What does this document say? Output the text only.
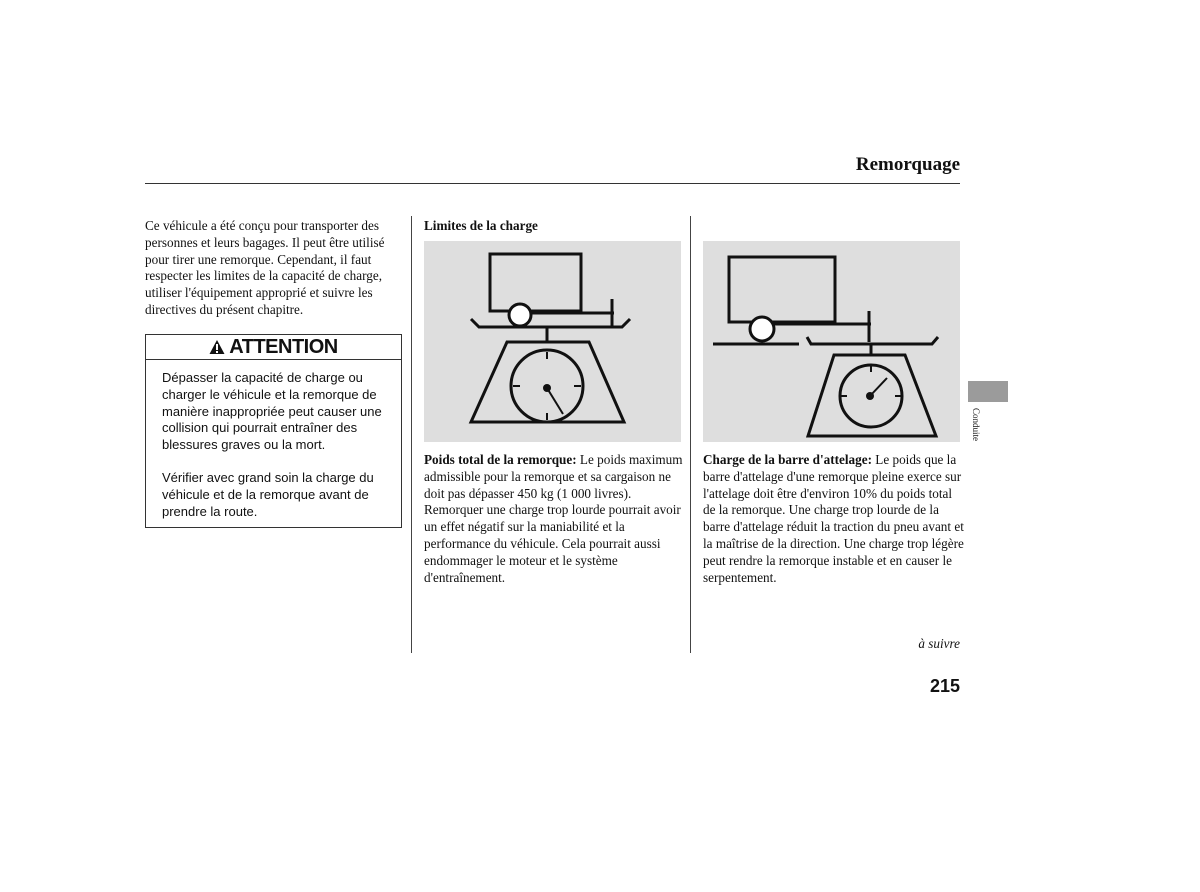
Remorquage
Ce véhicule a été conçu pour transporter des personnes et leurs bagages. Il peut être utilisé pour tirer une remorque. Cependant, il faut respecter les limites de la capacité de charge, utiliser l'équipement approprié et suivre les directives du présent chapitre.
ATTENTION

Dépasser la capacité de charge ou charger le véhicule et la remorque de manière inappropriée peut causer une collision qui pourrait entraîner des blessures graves ou la mort.

Vérifier avec grand soin la charge du véhicule et de la remorque avant de prendre la route.

Limites de la charge
Poids total de la remorque: Le poids maximum admissible pour la remorque et sa cargaison ne doit pas dépasser 450 kg (1 000 livres). Remorquer une charge trop lourde pourrait avoir un effet négatif sur la maniabilité et la performance du véhicule. Cela pourrait aussi endommager le moteur et le système d'entraînement.
Charge de la barre d'attelage: Le poids que la barre d'attelage d'une remorque pleine exerce sur l'attelage doit être d'environ 10% du poids total de la remorque. Une charge trop lourde de la barre d'attelage réduit la traction du pneu avant et la maîtrise de la direction. Une charge trop légère peut rendre la remorque instable et en causer le serpentement.
à suivre
215
Conduite
